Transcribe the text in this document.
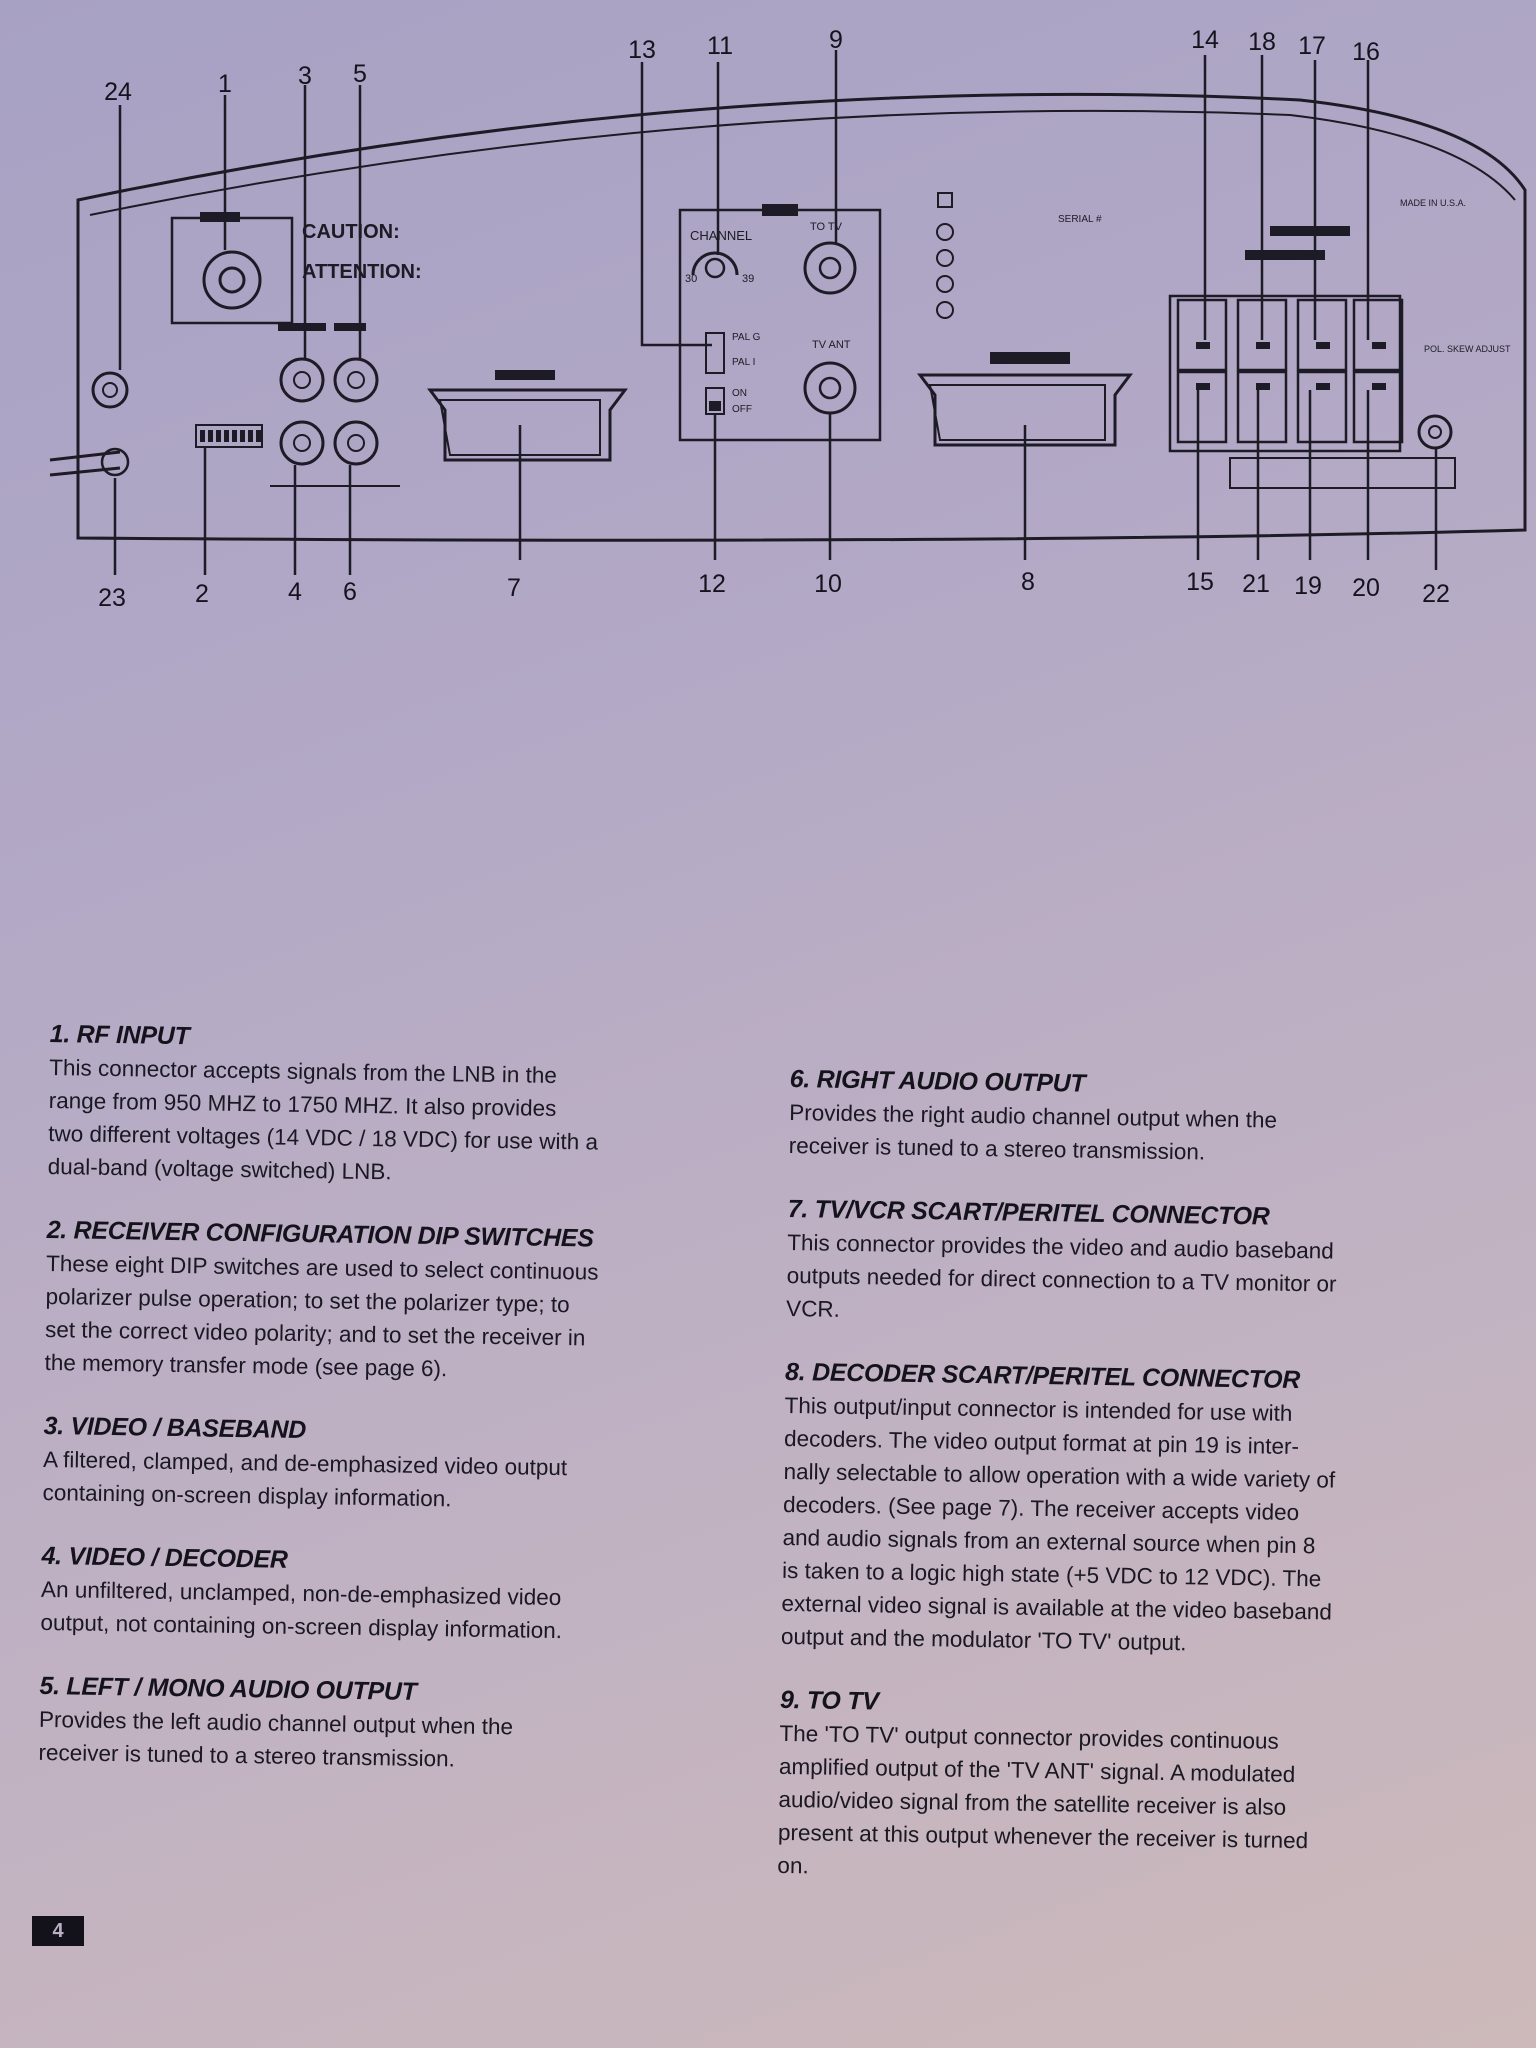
CAUTION:
ATTENTION:
CHANNEL
30	39
TO TV
TV ANT
PAL G
PAL I
ON
OFF
SERIAL #
MADE IN U.S.A.
POL. SKEW ADJUST
24	1	3	5
13 11	9	14 18 17 16
23	2	4	6	7	12	10	8	15 21 19 20 22
1. RF INPUT

This connector accepts signals from the LNB in the
range from 950 MHZ to 1750 MHZ. It also provides
two different voltages (14 VDC / 18 VDC) for use with a
dual-band (voltage switched) LNB.

2. RECEIVER CONFIGURATION DIP SWITCHES

These eight DIP switches are used to select continuous
polarizer pulse operation; to set the polarizer type; to
set the correct video polarity; and to set the receiver in
the memory transfer mode (see page 6).

3. VIDEO / BASEBAND

A filtered, clamped, and de-emphasized video output
containing on-screen display information.

4. VIDEO / DECODER

An unfiltered, unclamped, non-de-emphasized video
output, not containing on-screen display information.

5. LEFT / MONO AUDIO OUTPUT

Provides the left audio channel output when the
receiver is tuned to a stereo transmission.

6. RIGHT AUDIO OUTPUT

Provides the right audio channel output when the
receiver is tuned to a stereo transmission.

7. TV/VCR SCART/PERITEL CONNECTOR

This connector provides the video and audio baseband
outputs needed for direct connection to a TV monitor or
VCR.

8. DECODER SCART/PERITEL CONNECTOR

This output/input connector is intended for use with
decoders. The video output format at pin 19 is inter-
nally selectable to allow operation with a wide variety of
decoders. (See page 7). The receiver accepts video
and audio signals from an external source when pin 8
is taken to a logic high state (+5 VDC to 12 VDC). The
external video signal is available at the video baseband
output and the modulator 'TO TV' output.

9. TO TV

The 'TO TV' output connector provides continuous
amplified output of the 'TV ANT' signal. A modulated
audio/video signal from the satellite receiver is also
present at this output whenever the receiver is turned
on.

4
